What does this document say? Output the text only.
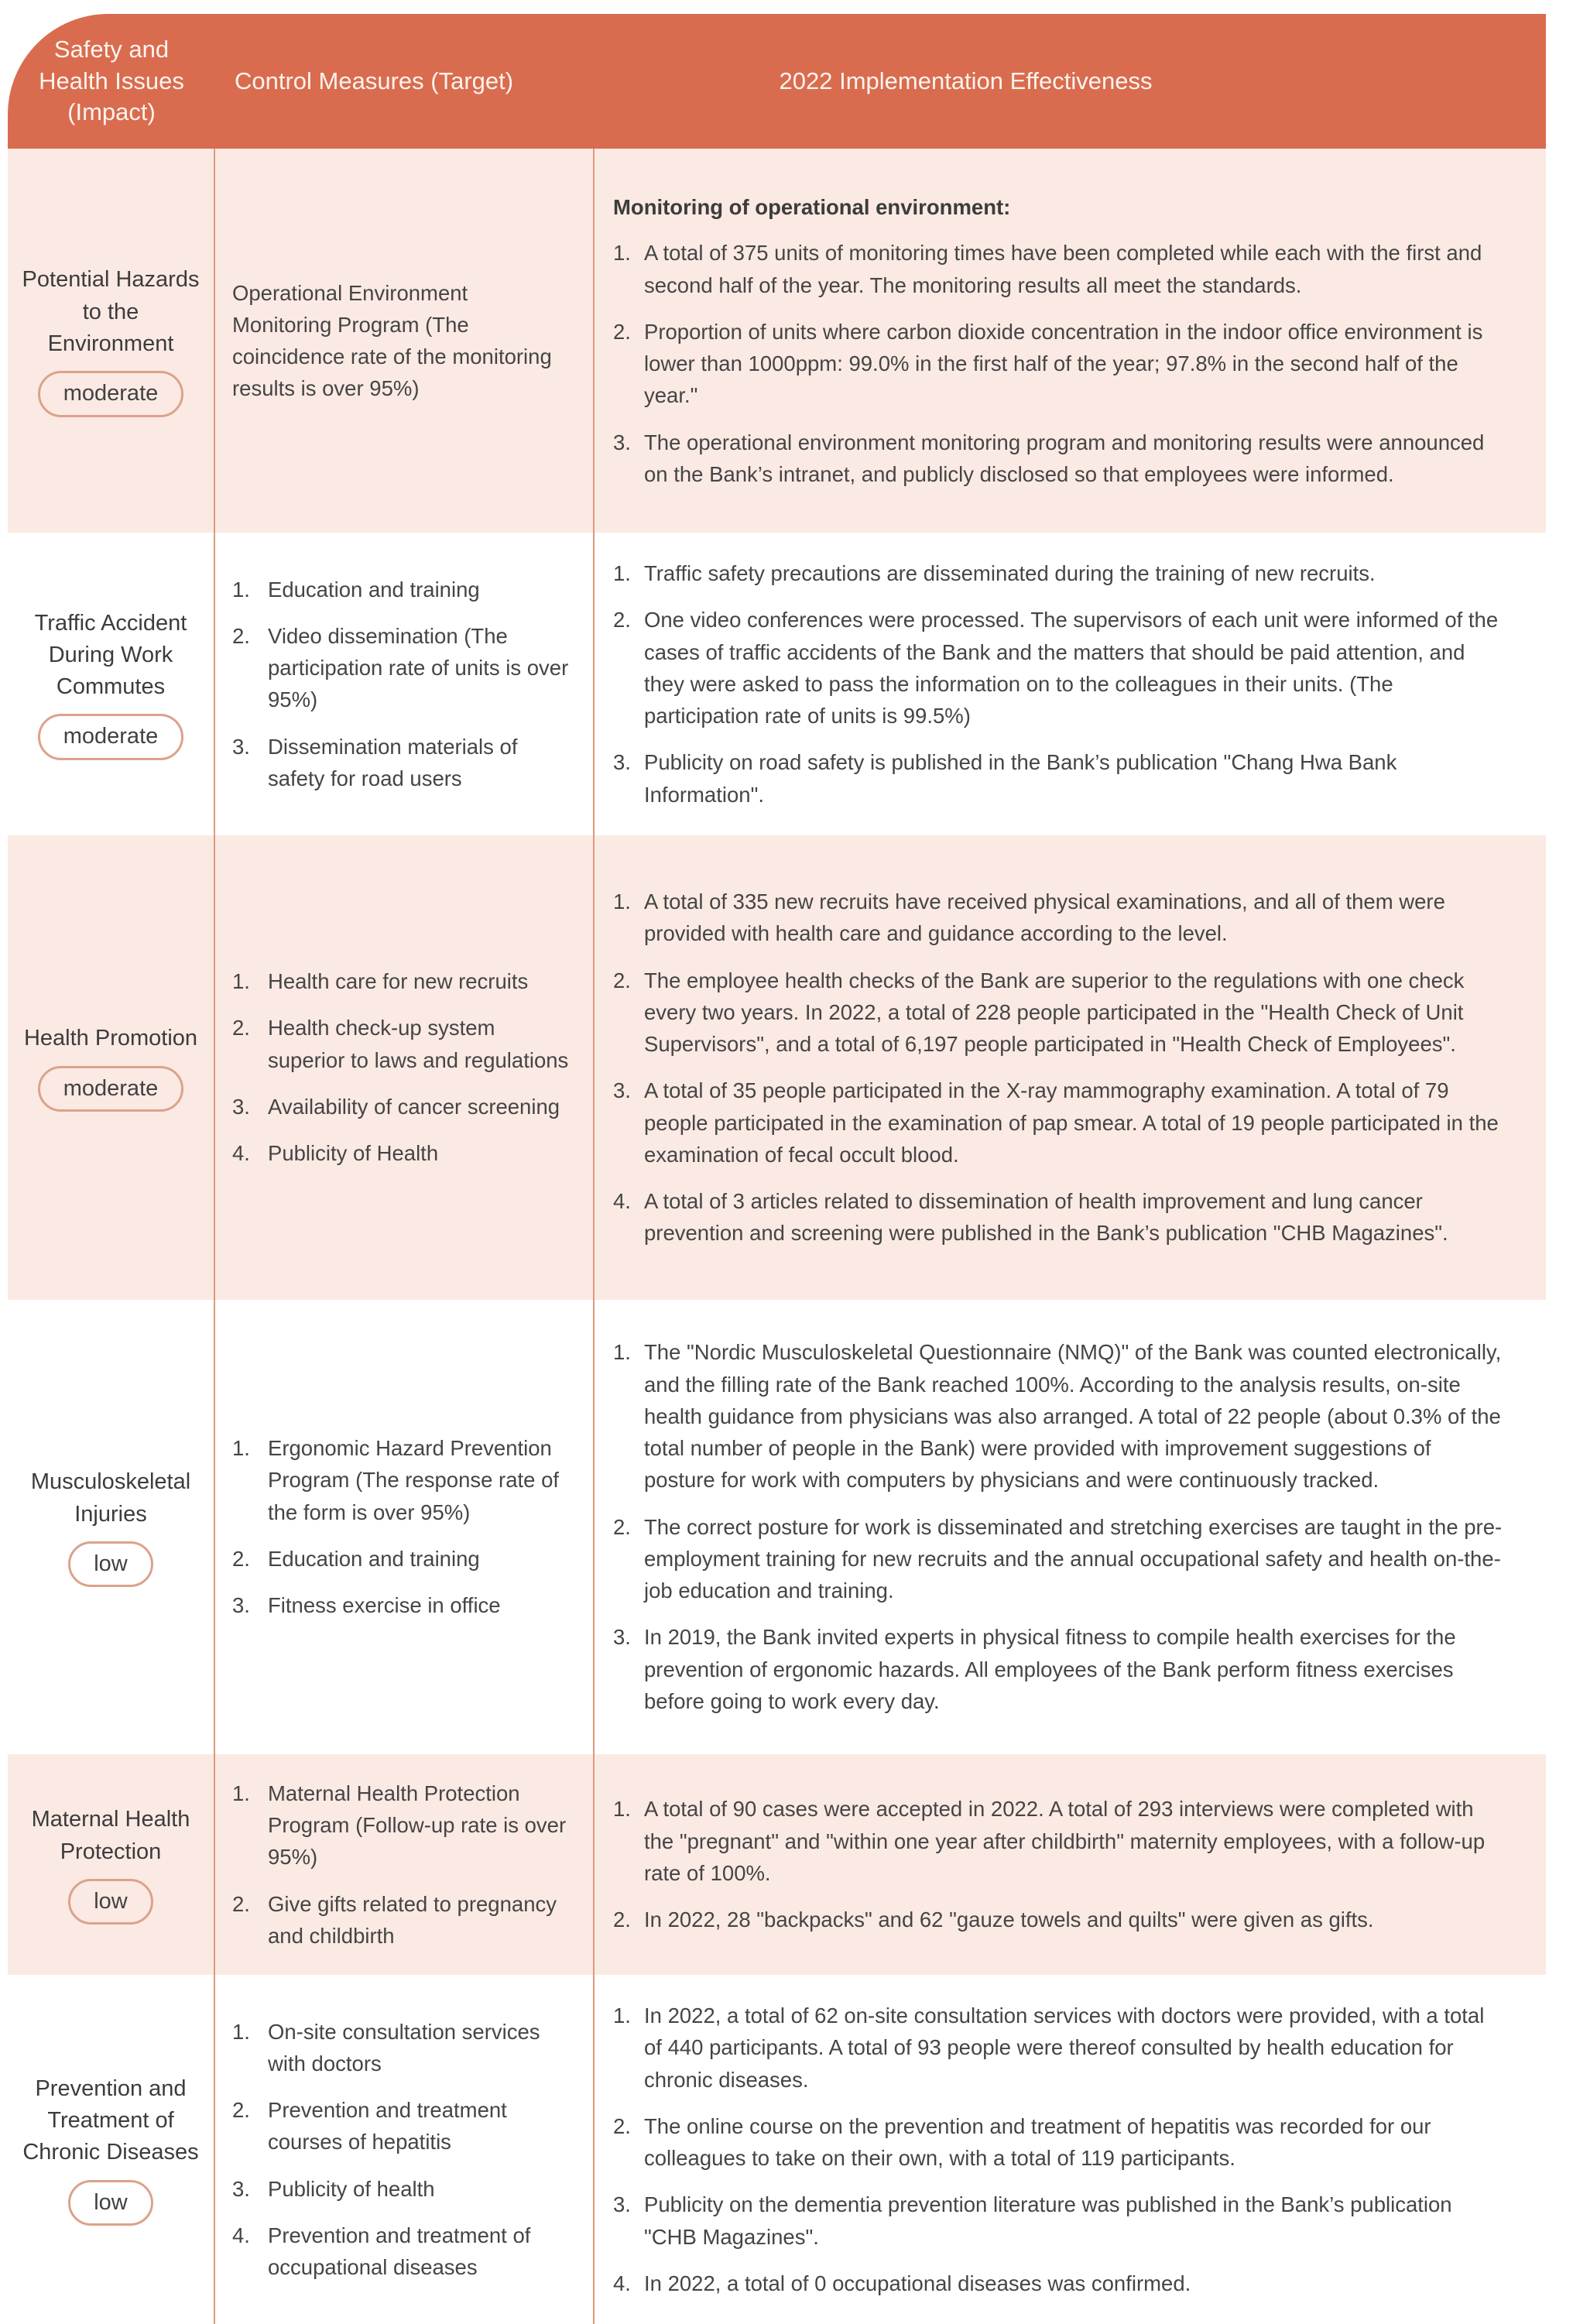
Safety and Health Issues (Impact)
Control Measures (Target)	2022 Implementation Effectiveness
Potential Hazards to the Environment
moderate

Operational Environment Monitoring Program (The coincidence rate of the monitoring results is over 95%)

Monitoring of operational environment:

A total of 375 units of monitoring times have been completed while each with the first and second half of the year. The monitoring results all meet the standards.
Proportion of units where carbon dioxide concentration in the indoor office environment is lower than 1000ppm: 99.0% in the first half of the year; 97.8% in the second half of the year."
The operational environment monitoring program and monitoring results were announced on the Bank’s intranet, and publicly disclosed so that employees were informed.
Traffic Accident During Work Commutes
moderate
Education and training
Video dissemination (The participation rate of units is over 95%)
Dissemination materials of safety for road users
Traffic safety precautions are disseminated during the training of new recruits.
One video conferences were processed. The supervisors of each unit were informed of the cases of traffic accidents of the Bank and the matters that should be paid attention, and they were asked to pass the information on to the colleagues in their units. (The participation rate of units is 99.5%)
Publicity on road safety is published in the Bank’s publication "Chang Hwa Bank Information".
Health Promotion
moderate
Health care for new recruits
Health check-up system superior to laws and regulations
Availability of cancer screening
Publicity of Health
A total of 335 new recruits have received physical examinations, and all of them were provided with health care and guidance according to the level.
The employee health checks of the Bank are superior to the regulations with one check every two years. In 2022, a total of 228 people participated in the "Health Check of Unit Supervisors", and a total of 6,197 people participated in "Health Check of Employees".
A total of 35 people participated in the X-ray mammography examination. A total of 79 people participated in the examination of pap smear. A total of 19 people participated in the examination of fecal occult blood.
A total of 3 articles related to dissemination of health improvement and lung cancer prevention and screening were published in the Bank’s publication "CHB Magazines".
Musculoskeletal Injuries
low
Ergonomic Hazard Prevention Program (The response rate of the form is over 95%)
Education and training
Fitness exercise in office
The "Nordic Musculoskeletal Questionnaire (NMQ)" of the Bank was counted electronically, and the filling rate of the Bank reached 100%. According to the analysis results, on-site health guidance from physicians was also arranged. A total of 22 people (about 0.3% of the total number of people in the Bank) were provided with improvement suggestions of posture for work with computers by physicians and were continuously tracked.
The correct posture for work is disseminated and stretching exercises are taught in the pre-employment training for new recruits and the annual occupational safety and health on-the-job education and training.
In 2019, the Bank invited experts in physical fitness to compile health exercises for the prevention of ergonomic hazards. All employees of the Bank perform fitness exercises before going to work every day.
Maternal Health Protection
low
Maternal Health Protection Program (Follow-up rate is over 95%)
Give gifts related to pregnancy and childbirth
A total of 90 cases were accepted in 2022. A total of 293 interviews were completed with the "pregnant" and "within one year after childbirth" maternity employees, with a follow-up rate of 100%.
In 2022, 28 "backpacks" and 62 "gauze towels and quilts" were given as gifts.
Prevention and Treatment of Chronic Diseases
low
On-site consultation services with doctors
Prevention and treatment courses of hepatitis
Publicity of health
Prevention and treatment of occupational diseases
In 2022, a total of 62 on-site consultation services with doctors were provided, with a total of 440 participants. A total of 93 people were thereof consulted by health education for chronic diseases.
The online course on the prevention and treatment of hepatitis was recorded for our colleagues to take on their own, with a total of 119 participants.
Publicity on the dementia prevention literature was published in the Bank’s publication "CHB Magazines".
In 2022, a total of 0 occupational diseases was confirmed.
